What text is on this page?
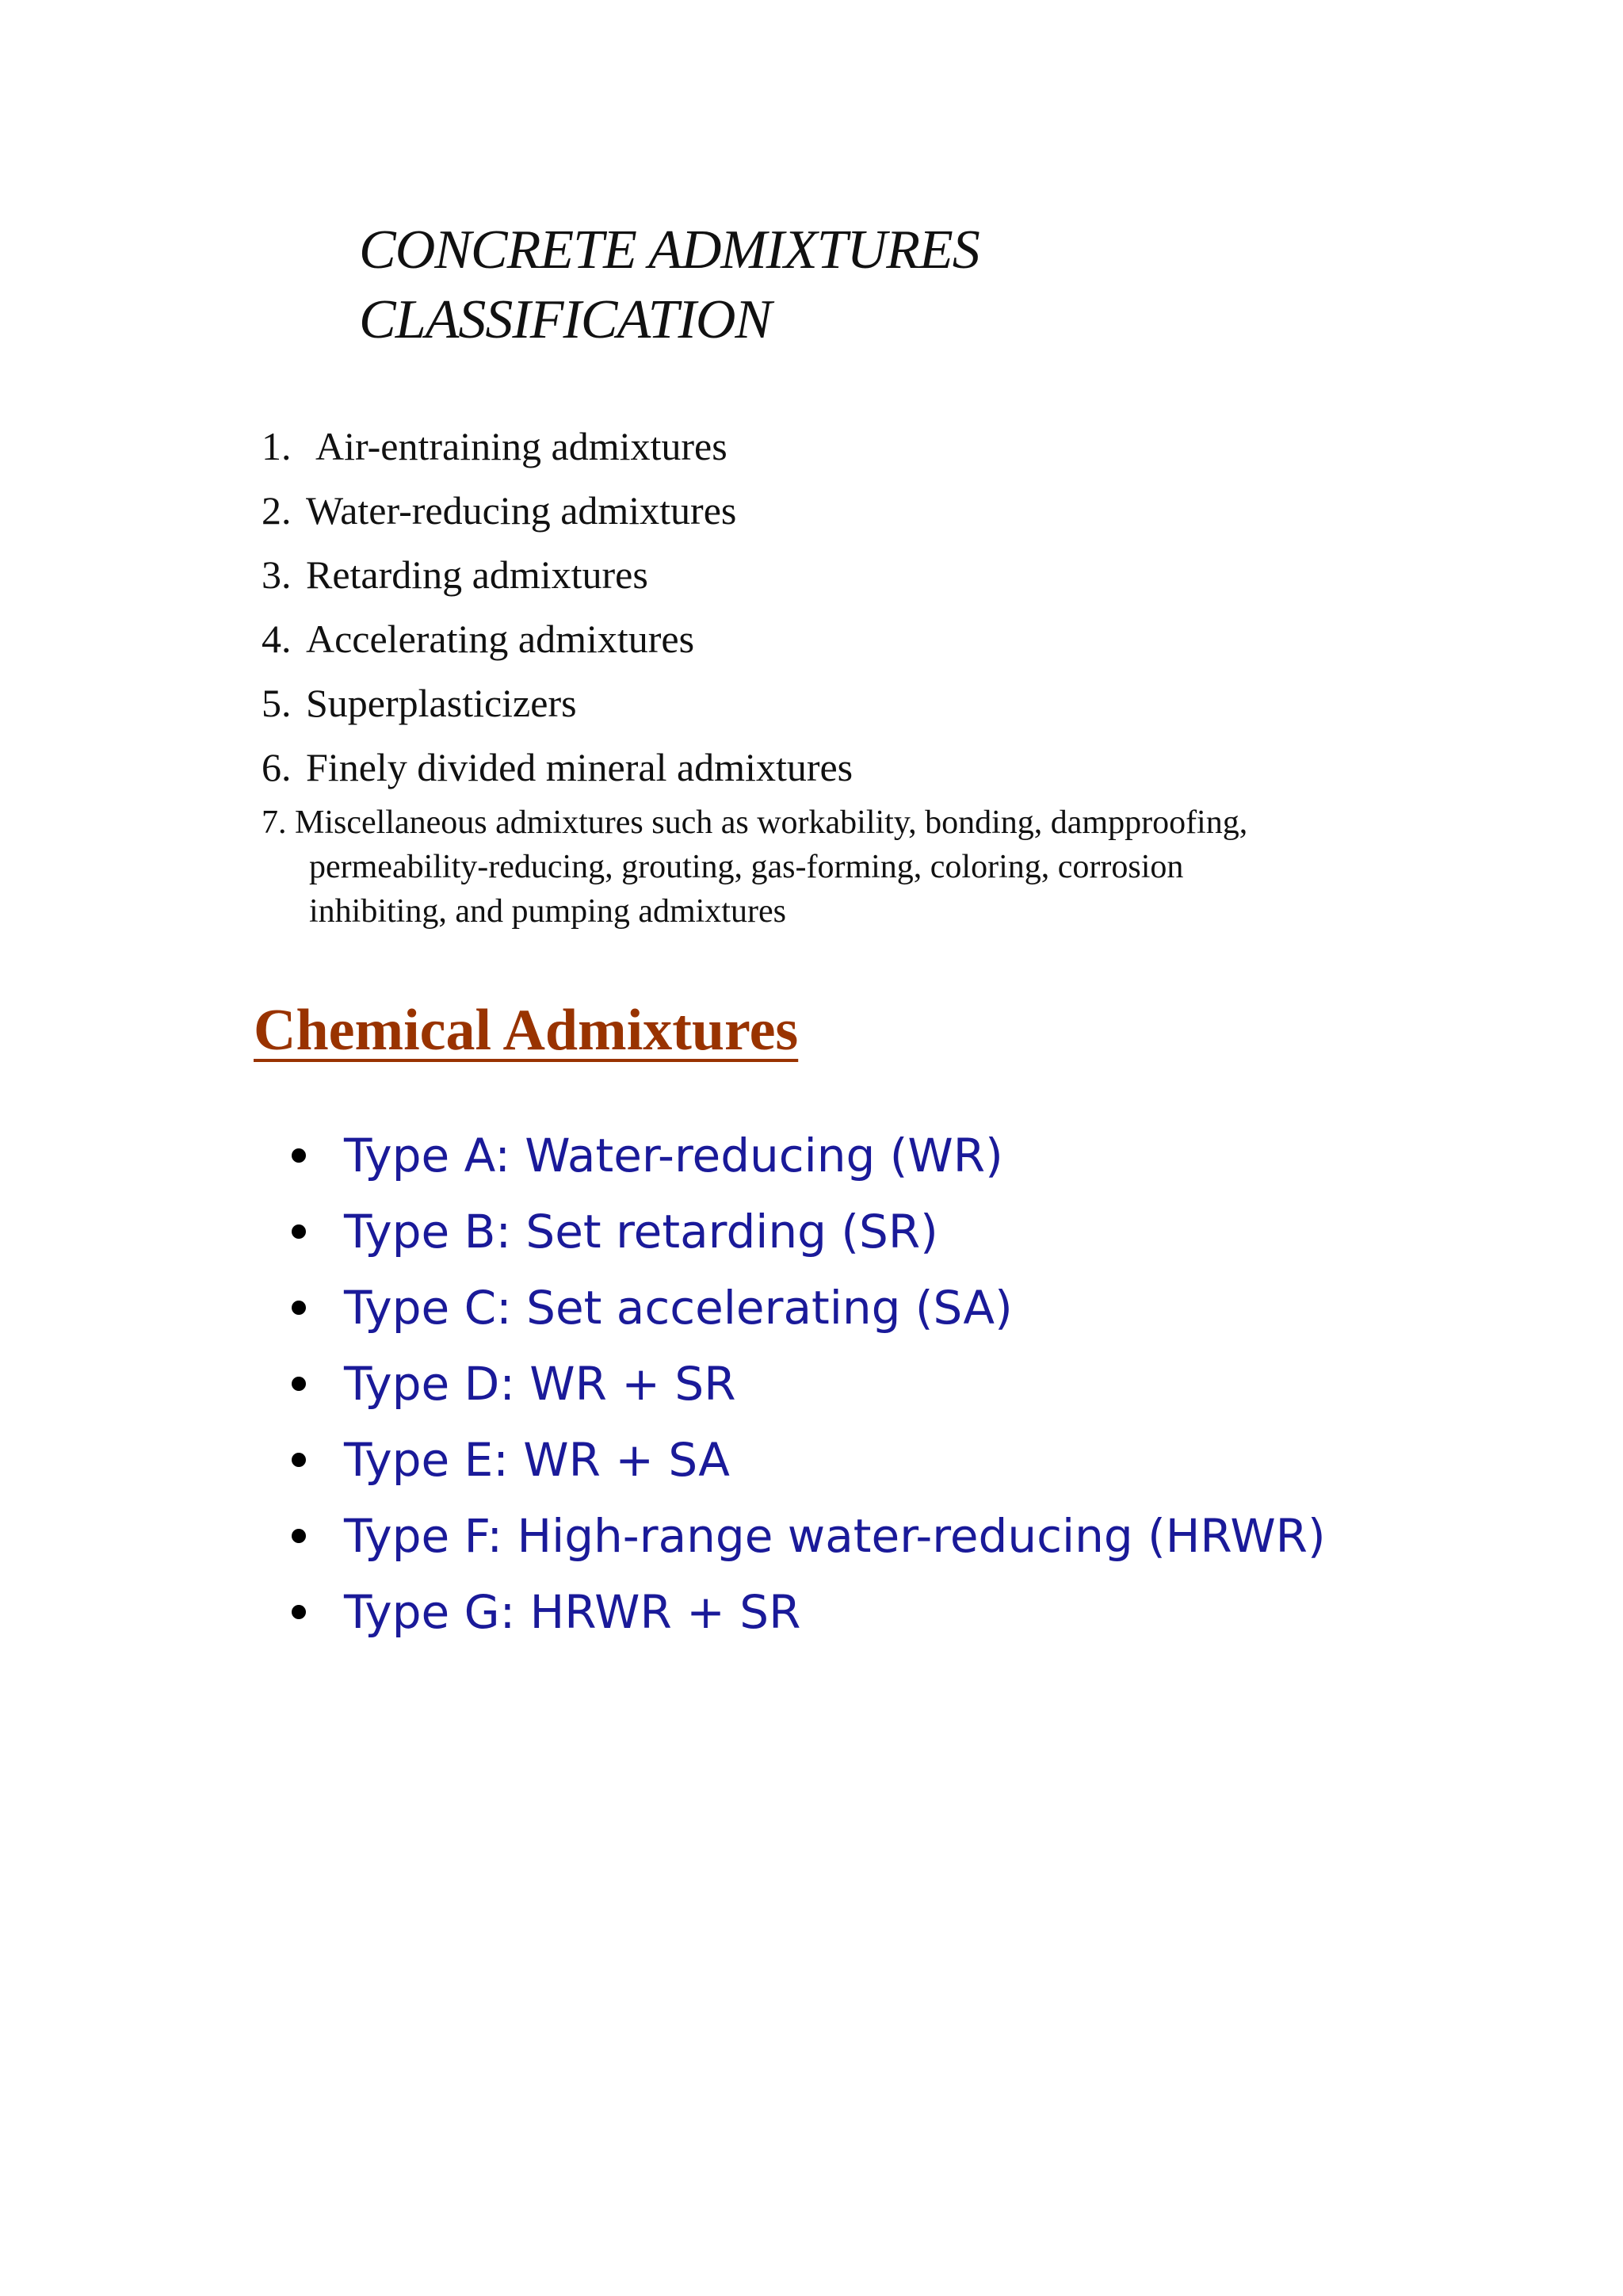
CONCRETE ADMIXTURES
CLASSIFICATION
1. Air-entraining admixtures
2. Water-reducing admixtures
3. Retarding admixtures
4. Accelerating admixtures
5. Superplasticizers
6. Finely divided mineral admixtures
7. Miscellaneous admixtures such as workability, bonding, dampproofing,
permeability-reducing, grouting, gas-forming, coloring, corrosion
inhibiting, and pumping admixtures
Chemical Admixtures
Type A: Water-reducing (WR)
Type B: Set retarding (SR)
Type C: Set accelerating (SA)
Type D: WR + SR
Type E: WR + SA
Type F: High-range water-reducing (HRWR)
Type G: HRWR + SR
